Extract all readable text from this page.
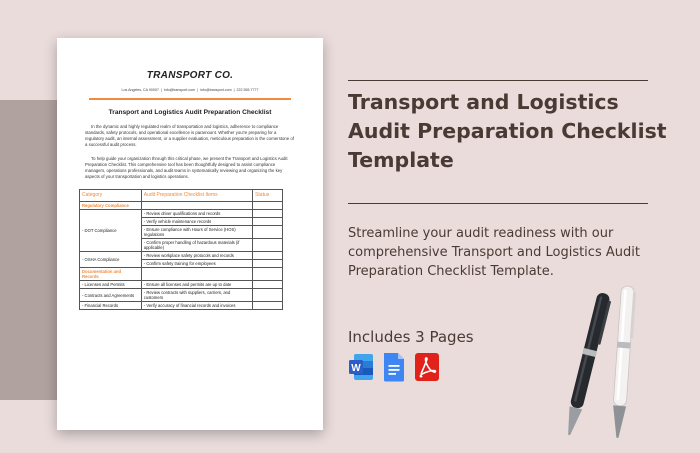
TRANSPORT CO.
Los Angeles, CA 90007  |  info@transport.com  |  info@transport.com  |  222 555 7777
Transport and Logistics Audit Preparation Checklist

In the dynamic and highly regulated realm of transportation and logistics, adherence to compliance standards, safety protocols, and operational excellence is paramount. Whether you're preparing for a regulatory audit, an internal assessment, or a supplier evaluation, meticulous preparation is the cornerstone of a successful audit process.

To help guide your organization through this critical phase, we present the Transport and Logistics Audit Preparation Checklist. This comprehensive tool has been thoughtfully designed to assist compliance managers, operations professionals, and audit teams in systematically reviewing and organizing the key aspects of your transportation and logistics operations.

Category	Audit Preparation Checklist Items	Status
Regulatory Compliance		
- DOT Compliance	- Review driver qualifications and records	
	- Verify vehicle maintenance records	
	- Ensure compliance with Hours of Service (HOS) regulations	
	- Confirm proper handling of hazardous materials (if applicable)	
- OSHA Compliance	- Review workplace safety protocols and records	
	- Confirm safety training for employees	
Documentation and Records		
- Licenses and Permits	- Ensure all licenses and permits are up to date	
- Contracts and Agreements	- Review contracts with suppliers, carriers, and customers	
- Financial Records	- Verify accuracy of financial records and invoices	
Transport and Logistics Audit Preparation Checklist Template

Streamline your audit readiness with our comprehensive Transport and Logistics Audit Preparation Checklist Template.

Includes 3 Pages

W
